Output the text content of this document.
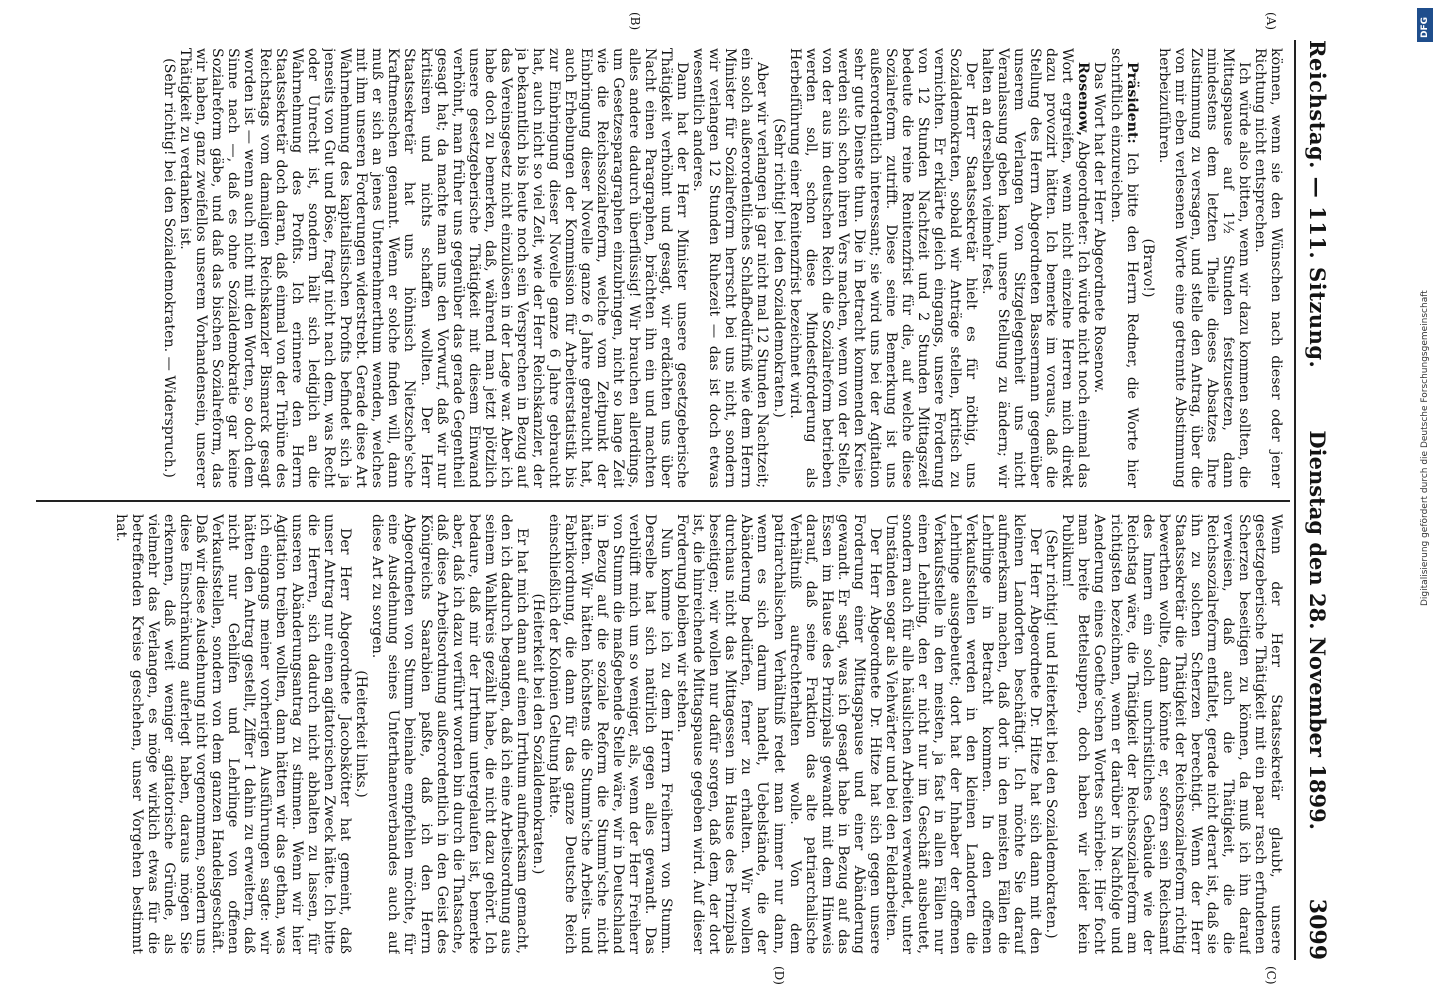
Reichstag. — 111. Sitzung.
Dienstag den 28. November 1899.
3099
(A)
(B)
(C)
(D)

können, wenn sie den Wünschen nach dieser oder jener Richtung nicht entsprechen.

Ich würde also bitten, wenn wir dazu kommen sollten, die Mittagspause auf 1½ Stunden festzusetzen, dann mindestens dem letzten Theile dieses Absatzes Ihre Zustimmung zu versagen, und stelle den Antrag, über die von mir eben verlesenen Worte eine getrennte Abstimmung herbeizuführen.

(Bravo!)

Präsident: Ich bitte den Herrn Redner, die Worte hier schriftlich einzureichen.

Das Wort hat der Herr Abgeordnete Rosenow.

Rosenow, Abgeordneter: Ich würde nicht noch einmal das Wort ergreifen, wenn nicht einzelne Herren mich direkt dazu provozirt hätten. Ich bemerke im voraus, daß die Stellung des Herrn Abgeordneten Bassermann gegenüber unserem Verlangen von Sitzgelegenheit uns nicht Veranlassung geben kann, unsere Stellung zu ändern; wir halten an derselben vielmehr fest.

Der Herr Staatssekretär hielt es für nöthig, uns Sozialdemokraten, sobald wir Anträge stellen, kritisch zu vernichten. Er erklärte gleich eingangs, unsere Forderung von 12 Stunden Nachtzeit und 2 Stunden Mittagszeit bedeute die reine Renitenzfrist für die, auf welche diese Sozialreform zutrifft. Diese seine Bemerkung ist uns außerordentlich interessant; sie wird uns bei der Agitation sehr gute Dienste thun. Die in Betracht kommenden Kreise werden sich schon ihren Vers machen, wenn von der Stelle, von der aus im deutschen Reich die Sozialreform betrieben werden soll, schon diese Mindestforderung als Herbeiführung einer Renitenzfrist bezeichnet wird.

(Sehr richtig! bei den Sozialdemokraten.)

Aber wir verlangen ja gar nicht mal 12 Stunden Nachtzeit; ein solch außerordentliches Schlafbedürfniß wie dem Herrn Minister für Sozialreform herrscht bei uns nicht, sondern wir verlangen 12 Stunden Ruhezeit — das ist doch etwas wesentlich anderes.

Dann hat der Herr Minister unsere gesetzgeberische Thätigkeit verhöhnt und gesagt, wir erdächten uns über Nacht einen Paragraphen, brächten ihn ein und machten alles andere dadurch überflüssig! Wir brauchen allerdings, um Gesetzesparagraphen einzubringen, nicht so lange Zeit wie die Reichssozialreform, welche vom Zeitpunkt der Einbringung dieser Novelle ganze 6 Jahre gebraucht hat, auch Erhebungen der Kommission für Arbeiterstatistik bis zur Einbringung dieser Novelle ganze 6 Jahre gebraucht hat, auch nicht so viel Zeit, wie der Herr Reichskanzler, der ja bekanntlich bis heute noch sein Versprechen in Bezug auf das Vereinsgesetz nicht einzulösen in der Lage war. Aber ich habe doch zu bemerken, daß, während man jetzt plötzlich unsere gesetzgeberische Thätigkeit mit diesem Einwand verhöhnt, man früher uns gegenüber das gerade Gegentheil gesagt hat; da machte man uns den Vorwurf, daß wir nur kritisiren und nichts schaffen wollten. Der Herr Staatssekretär hat uns höhnisch Nietzsche'sche Kraftmenschen genannt. Wenn er solche finden will, dann muß er sich an jenes Unternehmerthum wenden, welches mit ihm unseren Forderungen widerstrebt. Gerade diese Art Wahrnehmung des kapitalistischen Profits befindet sich ja jenseits von Gut und Böse, fragt nicht nach dem, was Recht oder Unrecht ist, sondern hält sich lediglich an die Wahrnehmung des Profits. Ich erinnere den Herrn Staatssekretär doch daran, daß einmal von der Tribüne des Reichstags vom damaligen Reichskanzler Bismarck gesagt worden ist — wenn auch nicht mit den Worten, so doch dem Sinne nach —, daß es ohne Sozialdemokratie gar keine Sozialreform gäbe, und daß das bischen Sozialreform, das wir haben, ganz zweifellos unserem Vorhandensein, unserer Thätigkeit zu verdanken ist.

(Sehr richtig! bei den Sozialdemokraten. — Widerspruch.)

Wenn der Herr Staatssekretär glaubt, unsere gesetzgeberische Thätigkeit mit ein paar rasch erfundenen Scherzen beseitigen zu können, da muß ich ihn darauf verweisen, daß auch die Thätigkeit, die die Reichssozialreform entfaltet, gerade nicht derart ist, daß sie ihn zu solchen Scherzen berechtigt. Wenn der Herr Staatssekretär die Thätigkeit der Reichssozialreform richtig bewerthen wollte, dann könnte er, sofern sein Reichsamt des Innern ein solch unchristliches Gebäude wie der Reichstag wäre, die Thätigkeit der Reichssozialreform am richtigsten bezeichnen, wenn er darüber in Nachfolge und Aenderung eines Goethe'schen Wortes schriebe: Hier focht man breite Bettelsuppen, doch haben wir leider kein Publikum!

(Sehr richtig! und Heiterkeit bei den Sozialdemokraten.)

Der Herr Abgeordnete Dr. Hitze hat sich dann mit den kleinen Landorten beschäftigt. Ich möchte Sie darauf aufmerksam machen, daß dort in den meisten Fällen die Lehrlinge in Betracht kommen. In den offenen Verkaufsstellen werden in den kleinen Landorten die Lehrlinge ausgebeutet; dort hat der Inhaber der offenen Verkaufsstelle in den meisten, ja fast in allen Fällen nur einen Lehrling, den er nicht nur im Geschäft ausbeutet, sondern auch für alle häuslichen Arbeiten verwendet, unter Umständen sogar als Viehwärter und bei den Feldarbeiten.

Der Herr Abgeordnete Dr. Hitze hat sich gegen unsere Forderung einer Mittagspause und einer Abänderung gewandt. Er sagt, was ich gesagt habe in Bezug auf das Essen im Hause des Prinzipals gewandt mit dem Hinweis darauf, daß seine Fraktion das alte patriarchalische Verhältniß aufrechterhalten wolle. Von dem patriarchalischen Verhältniß redet man immer nur dann, wenn es sich darum handelt, Uebelstände, die der Abänderung bedürfen, ferner zu erhalten. Wir wollen durchaus nicht das Mittagessen im Hause des Prinzipals beseitigen; wir wollen nur dafür sorgen, daß dem, der dort ist, die hinreichende Mittagspause gegeben wird. Auf dieser Forderung bleiben wir stehen.

Nun komme ich zu dem Herrn Freiherrn von Stumm. Derselbe hat sich natürlich gegen alles gewandt. Das verblüfft mich um so weniger, als, wenn der Herr Freiherr von Stumm die maßgebende Stelle wäre, wir in Deutschland in Bezug auf die soziale Reform die Stumm'sche nicht hätten. Wir hätten höchstens die Stumm'sche Arbeits- und Fabrikordnung, die dann für das ganze Deutsche Reich einschließlich der Kolonien Geltung hätte.

(Heiterkeit bei den Sozialdemokraten.)

Er hat mich dann auf einen Irrthum aufmerksam gemacht, den ich dadurch begangen, daß ich eine Arbeitsordnung aus seinem Wahlkreis gezählt habe, die nicht dazu gehört. Ich bedaure, daß mir der Irrthum untergelaufen ist, bemerke aber, daß ich dazu verführt worden bin durch die Thatsache, daß diese Arbeitsordnung außerordentlich in den Geist des Königreichs Saarabien paßte, daß ich den Herrn Abgeordneten von Stumm beinahe empfehlen möchte, für eine Ausdehnung seines Unterthanenverbandes auch auf diese Art zu sorgen.

(Heiterkeit links.)

Der Herr Abgeordnete Jacobskötter hat gemeint, daß unser Antrag nur einen agitatorischen Zweck hätte. Ich bitte die Herren, sich dadurch nicht abhalten zu lassen, für unseren Abänderungsantrag zu stimmen. Wenn wir hier Agitation treiben wollten, dann hätten wir das gethan, was ich eingangs meiner vorherigen Ausführungen sagte: wir hätten den Antrag gestellt, Ziffer 1 dahin zu erweitern, daß nicht nur Gehilfen und Lehrlinge von offenen Verkaufsstellen, sondern von dem ganzen Handelsgeschäft. Daß wir diese Ausdehnung nicht vorgenommen, sondern uns diese Einschränkung auferlegt haben, daraus mögen Sie erkennen, daß weit weniger agitatorische Gründe, als vielmehr das Verlangen, es möge wirklich etwas für die betreffenden Kreise geschehen, unser Vorgehen bestimmt hat.

DFG
Digitalisierung gefördert durch die Deutsche Forschungsgemeinschaft
